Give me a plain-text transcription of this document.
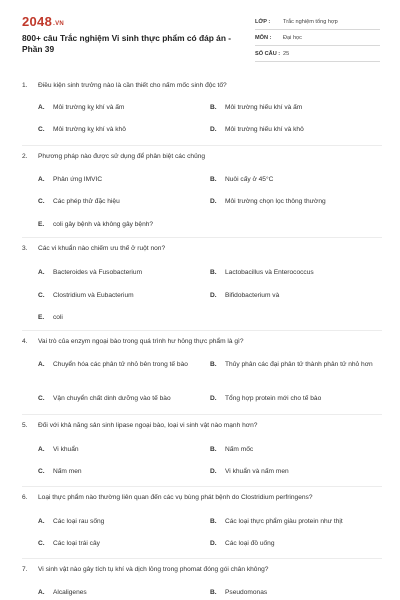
2048.VN
800+ câu Trắc nghiệm Vi sinh thực phẩm có đáp án - Phần 39
LỚP :	Trắc nghiệm tổng hợp
MÔN :	Đại học
SỐ CÂU : 25
1. Điều kiện sinh trưởng nào là cần thiết cho nấm mốc sinh độc tố?
A.	Môi trường kỵ khí và ấm	B.	Môi trường hiếu khí và ấm
C.	Môi trường kỵ khí và khô	D.	Môi trường hiếu khí và khô
2. Phương pháp nào được sử dụng để phân biệt các chủng
A.	Phản ứng IMVIC	B.	Nuôi cấy ở 45°C
C.	Các phép thử đặc hiệu	D.	Môi trường chọn lọc thông thường
E.	coli gây bệnh và không gây bệnh?
3. Các vi khuẩn nào chiếm ưu thế ở ruột non?
A.	Bacteroides và Fusobacterium	B.	Lactobacillus và Enterococcus
C.	Clostridium và Eubacterium	D.	Bifidobacterium và
E.	coli
4. Vai trò của enzym ngoại bào trong quá trình hư hỏng thực phẩm là gì?
A.	Chuyển hóa các phân tử nhỏ bên trong tế bào	B.	Thủy phân các đại phân tử thành phân tử nhỏ hơn
C.	Vận chuyển chất dinh dưỡng vào tế bào	D.	Tổng hợp protein mới cho tế bào
5. Đối với khả năng sản sinh lipase ngoại bào, loại vi sinh vật nào mạnh hơn?
A.	Vi khuẩn	B.	Nấm mốc
C.	Nấm men	D.	Vi khuẩn và nấm men
6. Loại thực phẩm nào thường liên quan đến các vụ bùng phát bệnh do Clostridium perfringens?
A.	Các loại rau sống	B.	Các loại thực phẩm giàu protein như thịt
C.	Các loại trái cây	D.	Các loại đồ uống
7. Vi sinh vật nào gây tích tụ khí và dịch lỏng trong phomat đóng gói chân không?
A.	Alcaligenes	B.	Pseudomonas
